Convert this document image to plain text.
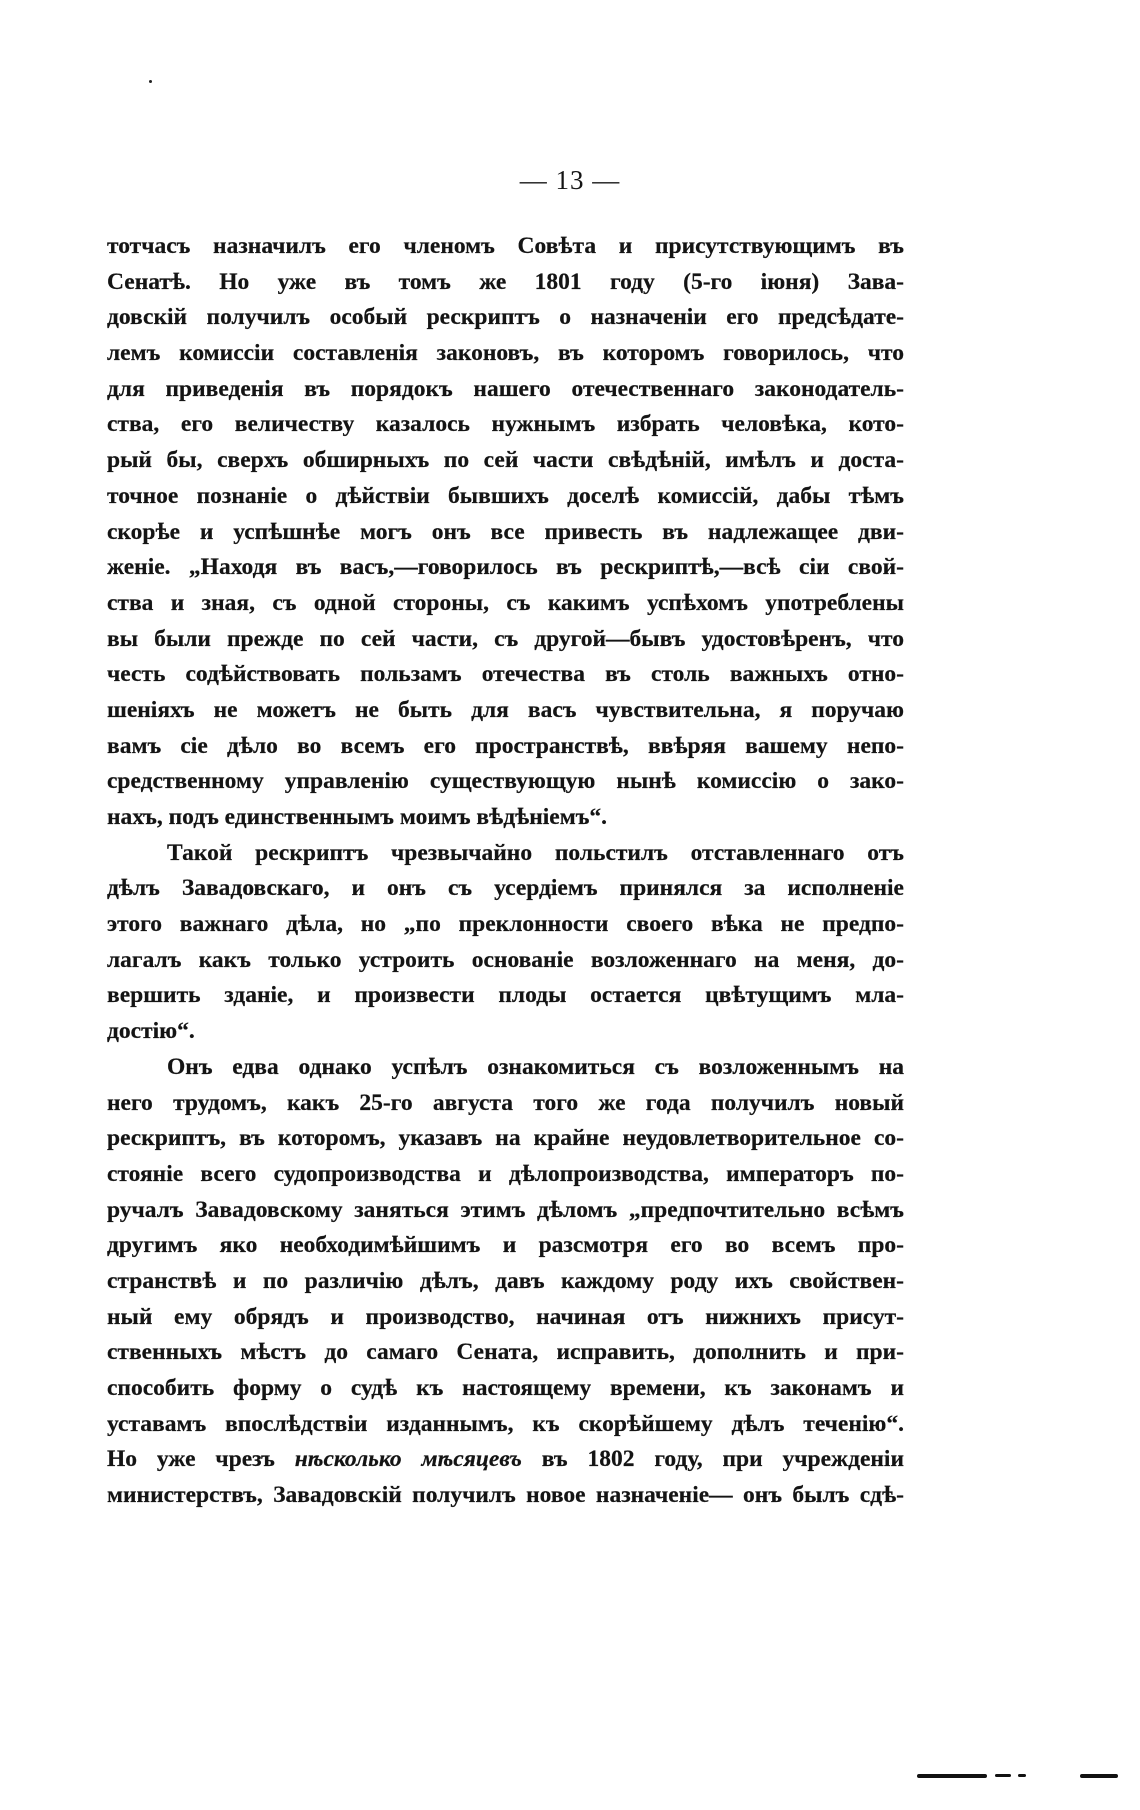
— 13 —

тотчасъ назначилъ его членомъ Совѣта и присутствующимъ въ
Сенатѣ. Но уже въ томъ же 1801 году (5-го іюня) Зава-
довскій получилъ особый рескриптъ о назначеніи его предсѣдате-
лемъ комиссіи составленія законовъ, въ которомъ говорилось, что
для приведенія въ порядокъ нашего отечественнаго законодатель-
ства, его величеству казалось нужнымъ избрать человѣка, кото-
рый бы, сверхъ обширныхъ по сей части свѣдѣній, имѣлъ и доста-
точное познаніе о дѣйствіи бывшихъ доселѣ комиссій, дабы тѣмъ
скорѣе и успѣшнѣе могъ онъ все привесть въ надлежащее дви-
женіе. „Находя въ васъ,—говорилось въ рескриптѣ,—всѣ сіи свой-
ства и зная, съ одной стороны, съ какимъ успѣхомъ употреблены
вы были прежде по сей части, съ другой—бывъ удостовѣренъ, что
честь содѣйствовать пользамъ отечества въ столь важныхъ отно-
шеніяхъ не можетъ не быть для васъ чувствительна, я поручаю
вамъ сіе дѣло во всемъ его пространствѣ, ввѣряя вашему непо-
средственному управленію существующую нынѣ комиссію о зако-
нахъ, подъ единственнымъ моимъ вѣдѣніемъ“.
Такой рескриптъ чрезвычайно польстилъ отставленнаго отъ
дѣлъ Завадовскаго, и онъ съ усердіемъ принялся за исполненіе
этого важнаго дѣла, но „по преклонности своего вѣка не предпо-
лагалъ какъ только устроить основаніе возложеннаго на меня, до-
вершить зданіе, и произвести плоды остается цвѣтущимъ мла-
достію“.
Онъ едва однако успѣлъ ознакомиться съ возложеннымъ на
него трудомъ, какъ 25-го августа того же года получилъ новый
рескриптъ, въ которомъ, указавъ на крайне неудовлетворительное со-
стояніе всего судопроизводства и дѣлопроизводства, императоръ по-
ручалъ Завадовскому заняться этимъ дѣломъ „предпочтительно всѣмъ
другимъ яко необходимѣйшимъ и разсмотря его во всемъ про-
странствѣ и по различію дѣлъ, давъ каждому роду ихъ свойствен-
ный ему обрядъ и производство, начиная отъ нижнихъ присут-
ственныхъ мѣстъ до самаго Сената, исправить, дополнить и при-
способить форму о судѣ къ настоящему времени, къ законамъ и
уставамъ впослѣдствіи изданнымъ, къ скорѣйшему дѣлъ теченію“.
Но уже чрезъ нѣсколько мѣсяцевъ въ 1802 году, при учрежденіи
министерствъ, Завадовскій получилъ новое назначеніе— онъ былъ сдѣ-
